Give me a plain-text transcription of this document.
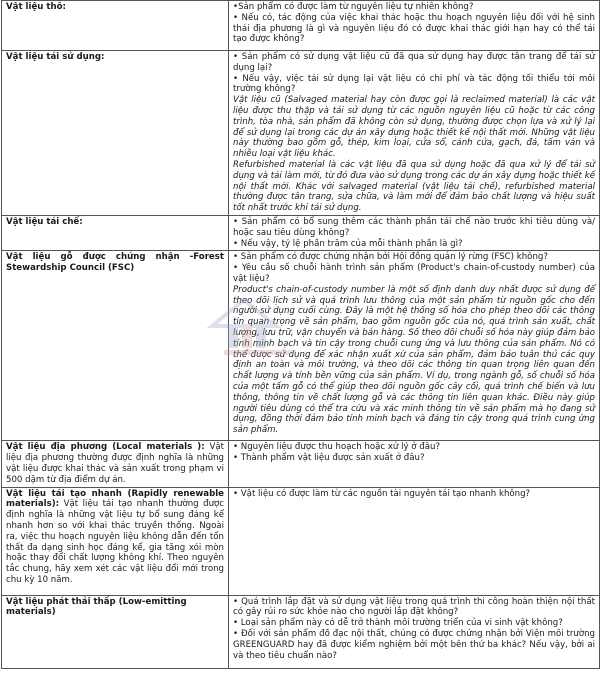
Vật liệu thô:	•Sản phẩm có được làm từ nguyên liệu tự nhiên không?
• Nếu có, tác động của việc khai thác hoặc thu hoạch nguyên liệu đối với hệ sinh thái địa phương là gì và nguyên liệu đó có được khai thác giới hạn hay có thể tái tạo được không?

Vật liệu tái sử dụng:	• Sản phẩm có sử dụng vật liệu cũ đã qua sử dụng hay được tân trang để tái sử dụng lại?
• Nếu vậy, việc tái sử dụng lại vật liệu có chi phí và tác động tối thiểu tới môi trường không?
Vật liệu cũ (Salvaged material hay còn được gọi là reclaimed material) là các vật liệu được thu thập và tái sử dụng từ các nguồn nguyên liệu cũ hoặc từ các công trình, tòa nhà, sản phẩm đã không còn sử dụng, thường được chọn lựa và xử lý lại để sử dụng lại trong các dự án xây dựng hoặc thiết kế nội thất mới. Những vật liệu này thường bao gồm gỗ, thép, kim loại, cửa sổ, cánh cửa, gạch, đá, tấm ván và nhiều loại vật liệu khác.
Refurbished material là các vật liệu đã qua sử dụng hoặc đã qua xử lý để tái sử dụng và tái làm mới, từ đó đưa vào sử dụng trong các dự án xây dựng hoặc thiết kế nội thất mới. Khác với salvaged material (vật liệu tái chế), refurbished material thường được tân trang, sửa chữa, và làm mới để đảm bảo chất lượng và hiệu suất tốt nhất trước khi tái sử dụng.

Vật liệu tái chế:	• Sản phẩm có bổ sung thêm các thành phần tái chế nào trước khi tiêu dùng và/ hoặc sau tiêu dùng không?
• Nếu vậy, tỷ lệ phần trăm của mỗi thành phần là gì?

Vật liệu gỗ được chứng nhận -Forest Stewardship Council (FSC)	• Sản phẩm có được chứng nhận bởi Hội đồng quản lý rừng (FSC) không?
• Yêu cầu số chuỗi hành trình sản phẩm (Product's chain-of-custody number) của vật liệu?
Product's chain-of-custody number là một số định danh duy nhất được sử dụng để theo dõi lịch sử và quá trình lưu thông của một sản phẩm từ nguồn gốc cho đến người sử dụng cuối cùng. Đây là một hệ thống số hóa cho phép theo dõi các thông tin quan trọng về sản phẩm, bao gồm nguồn gốc của nó, quá trình sản xuất, chất lượng, lưu trữ, vận chuyển và bán hàng. Số theo dõi chuỗi số hóa này giúp đảm bảo tính minh bạch và tin cậy trong chuỗi cung ứng và lưu thông của sản phẩm. Nó có thể được sử dụng để xác nhận xuất xứ của sản phẩm, đảm bảo tuân thủ các quy định an toàn và môi trường, và theo dõi các thông tin quan trọng liên quan đến chất lượng và tính bền vững của sản phẩm. Ví dụ, trong ngành gỗ, số chuỗi số hóa của một tấm gỗ có thể giúp theo dõi nguồn gốc cây cối, quá trình chế biến và lưu thông, thông tin về chất lượng gỗ và các thông tin liên quan khác. Điều này giúp người tiêu dùng có thể tra cứu và xác minh thông tin về sản phẩm mà họ đang sử dụng, đồng thời đảm bảo tính minh bạch và đáng tin cậy trong quá trình cung ứng sản phẩm.

Vật liệu địa phương (Local materials ): Vật liệu địa phương thường được định nghĩa là những vật liệu được khai thác và sản xuất trong phạm vi 500 dặm từ địa điểm dự án.	• Nguyên liệu được thu hoạch hoặc xử lý ở đâu?
• Thành phẩm vật liệu được sản xuất ở đâu?

Vật liệu tái tạo nhanh (Rapidly renewable materials): Vật liệu tái tạo nhanh thường được định nghĩa là những vật liệu tự bổ sung đáng kể nhanh hơn so với khai thác truyền thống. Ngoài ra, việc thu hoạch nguyên liệu không dẫn đến tổn thất đa dạng sinh học đáng kể, gia tăng xói mòn hoặc thay đổi chất lượng không khí. Theo nguyên tắc chung, hãy xem xét các vật liệu đổi mới trong chu kỳ 10 năm.	• Vật liệu có được làm từ các nguồn tài nguyên tái tạo nhanh không?

Vật liệu phát thải thấp (Low-emitting materials)	• Quá trình lắp đặt và sử dụng vật liệu trong quá trình thi công hoàn thiện nội thất có gây rủi ro sức khỏe nào cho người lắp đặt không?
• Loại sản phẩm này có dễ trở thành môi trường triển của vi sinh vật không?
• Đối với sản phẩm đồ đạc nội thất, chúng có được chứng nhận bởi Viện môi trường GREENGUARD hay đã được kiểm nghiệm bởi một bên thứ ba khác? Nếu vậy, bởi ai và theo tiêu chuẩn nào?
